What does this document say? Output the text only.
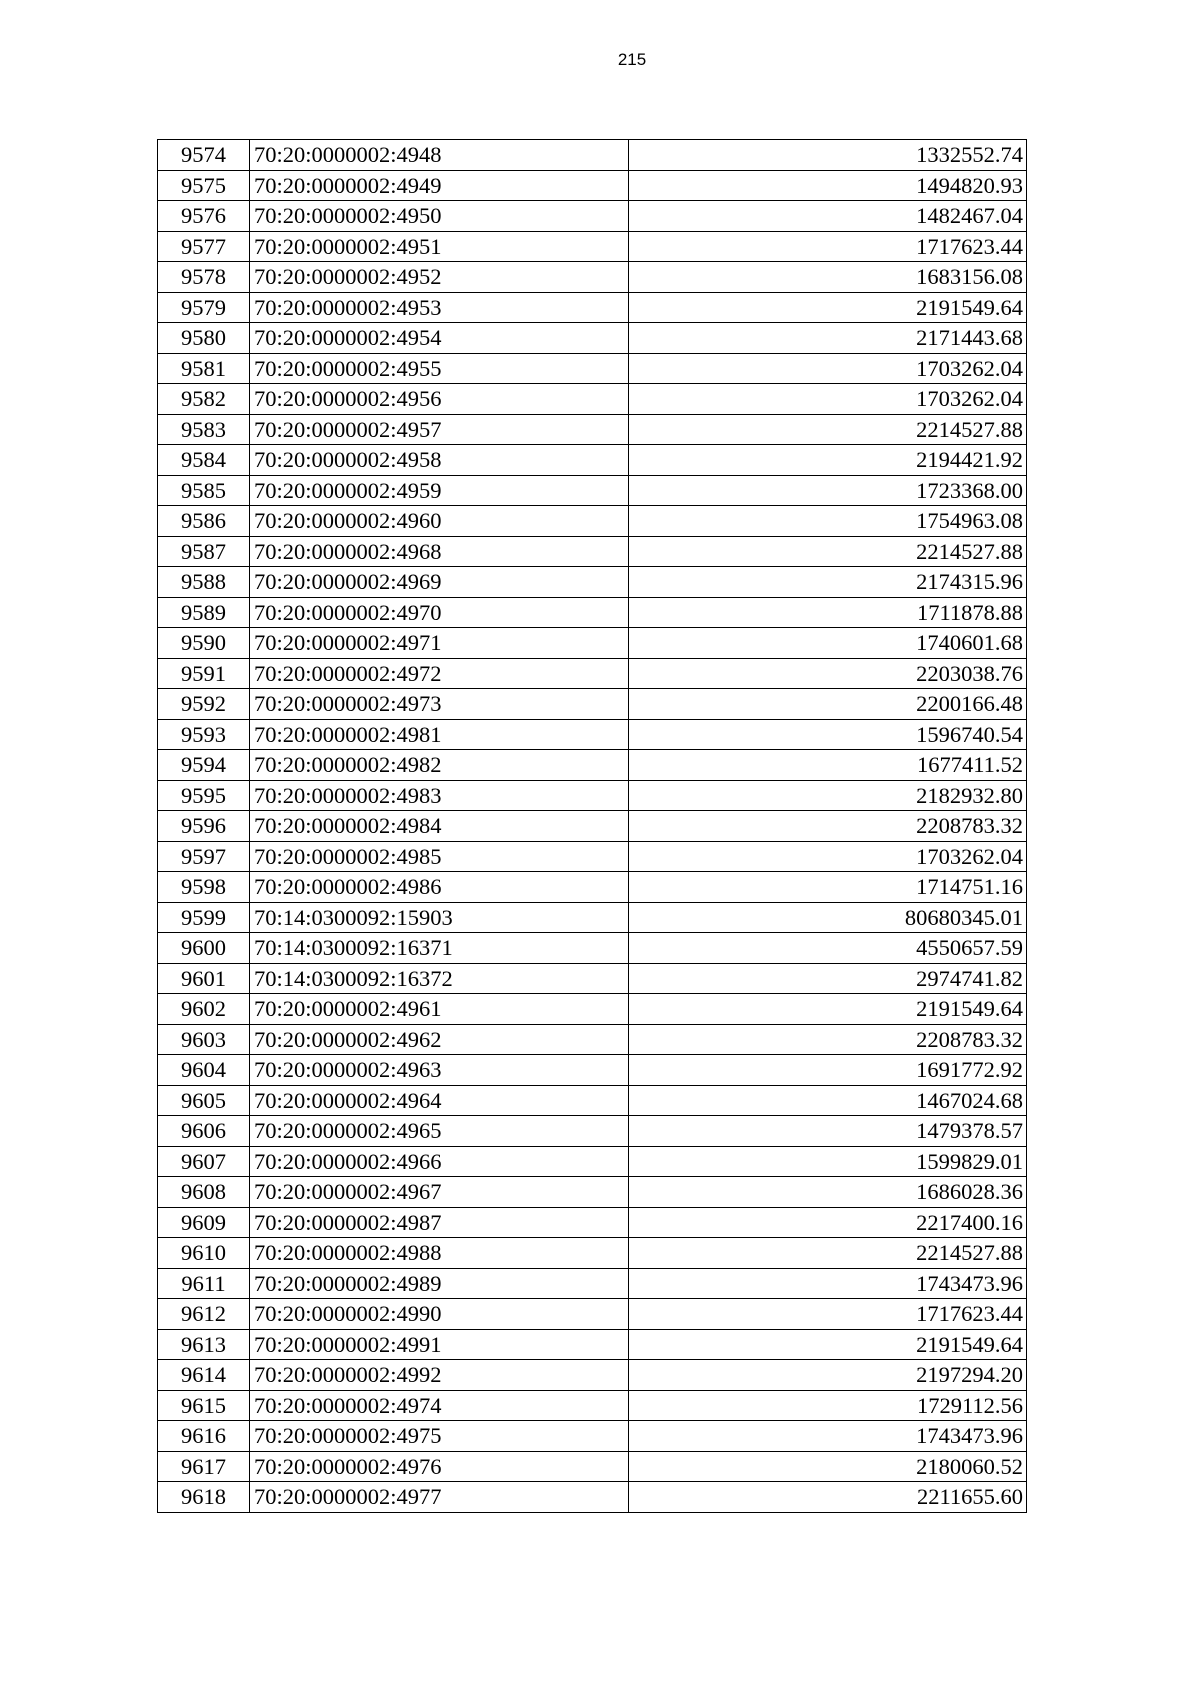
215
9574	70:20:0000002:4948	1332552.74
9575	70:20:0000002:4949	1494820.93
9576	70:20:0000002:4950	1482467.04
9577	70:20:0000002:4951	1717623.44
9578	70:20:0000002:4952	1683156.08
9579	70:20:0000002:4953	2191549.64
9580	70:20:0000002:4954	2171443.68
9581	70:20:0000002:4955	1703262.04
9582	70:20:0000002:4956	1703262.04
9583	70:20:0000002:4957	2214527.88
9584	70:20:0000002:4958	2194421.92
9585	70:20:0000002:4959	1723368.00
9586	70:20:0000002:4960	1754963.08
9587	70:20:0000002:4968	2214527.88
9588	70:20:0000002:4969	2174315.96
9589	70:20:0000002:4970	1711878.88
9590	70:20:0000002:4971	1740601.68
9591	70:20:0000002:4972	2203038.76
9592	70:20:0000002:4973	2200166.48
9593	70:20:0000002:4981	1596740.54
9594	70:20:0000002:4982	1677411.52
9595	70:20:0000002:4983	2182932.80
9596	70:20:0000002:4984	2208783.32
9597	70:20:0000002:4985	1703262.04
9598	70:20:0000002:4986	1714751.16
9599	70:14:0300092:15903	80680345.01
9600	70:14:0300092:16371	4550657.59
9601	70:14:0300092:16372	2974741.82
9602	70:20:0000002:4961	2191549.64
9603	70:20:0000002:4962	2208783.32
9604	70:20:0000002:4963	1691772.92
9605	70:20:0000002:4964	1467024.68
9606	70:20:0000002:4965	1479378.57
9607	70:20:0000002:4966	1599829.01
9608	70:20:0000002:4967	1686028.36
9609	70:20:0000002:4987	2217400.16
9610	70:20:0000002:4988	2214527.88
9611	70:20:0000002:4989	1743473.96
9612	70:20:0000002:4990	1717623.44
9613	70:20:0000002:4991	2191549.64
9614	70:20:0000002:4992	2197294.20
9615	70:20:0000002:4974	1729112.56
9616	70:20:0000002:4975	1743473.96
9617	70:20:0000002:4976	2180060.52
9618	70:20:0000002:4977	2211655.60
